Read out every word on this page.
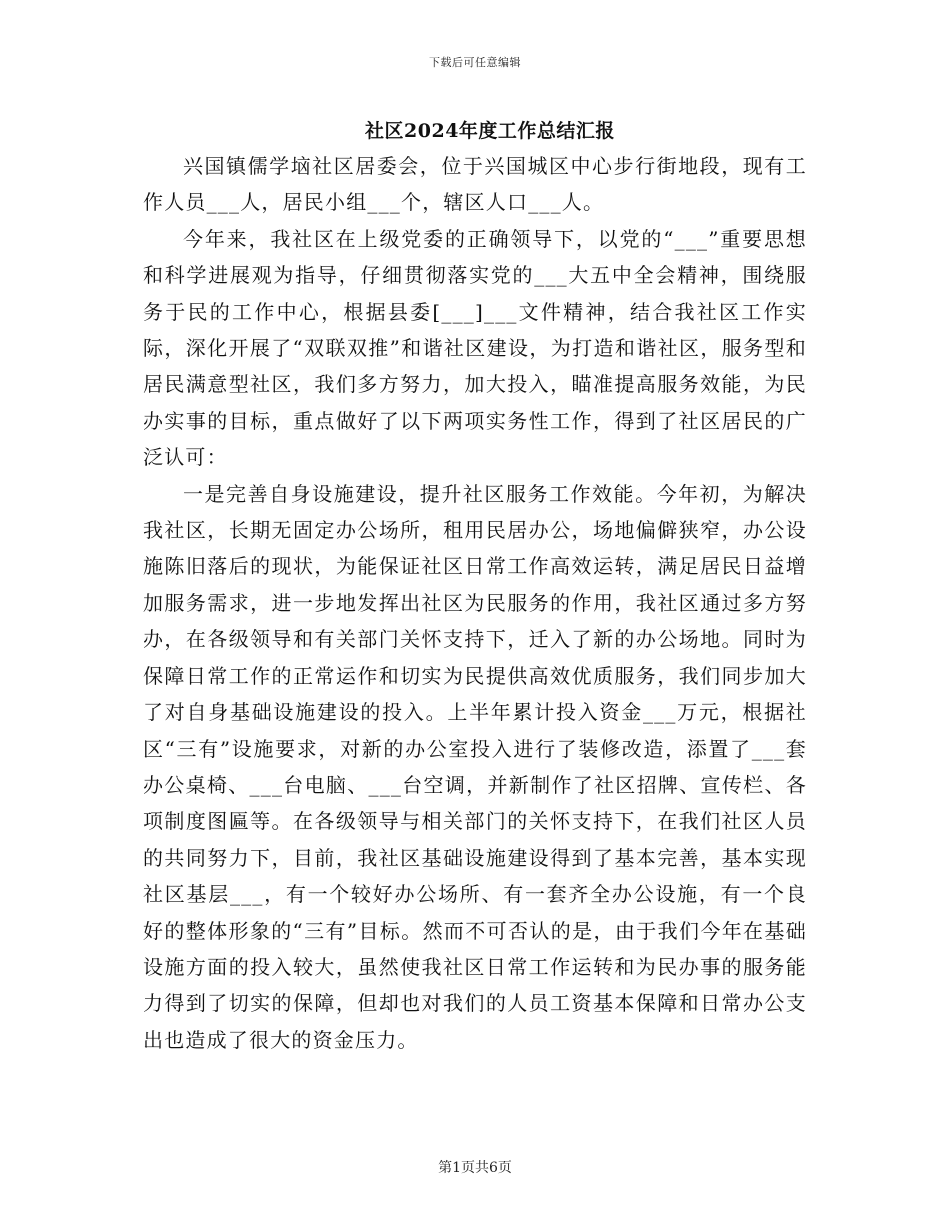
下载后可任意编辑
社区2024年度工作总结汇报

兴国镇儒学垴社区居委会，位于兴国城区中心步行街地段，现有工作人员___人，居民小组___个，辖区人口___人。

今年来，我社区在上级党委的正确领导下，以党的“___”重要思想和科学进展观为指导，仔细贯彻落实党的___大五中全会精神，围绕服务于民的工作中心，根据县委[___]___文件精神，结合我社区工作实际，深化开展了“双联双推”和谐社区建设，为打造和谐社区，服务型和居民满意型社区，我们多方努力，加大投入，瞄准提高服务效能，为民办实事的目标，重点做好了以下两项实务性工作，得到了社区居民的广泛认可：

一是完善自身设施建设，提升社区服务工作效能。今年初，为解决我社区，长期无固定办公场所，租用民居办公，场地偏僻狭窄，办公设施陈旧落后的现状，为能保证社区日常工作高效运转，满足居民日益增加服务需求，进一步地发挥出社区为民服务的作用，我社区通过多方努办，在各级领导和有关部门关怀支持下，迁入了新的办公场地。同时为保障日常工作的正常运作和切实为民提供高效优质服务，我们同步加大了对自身基础设施建设的投入。上半年累计投入资金___万元，根据社区“三有”设施要求，对新的办公室投入进行了装修改造，添置了___套办公桌椅、___台电脑、___台空调，并新制作了社区招牌、宣传栏、各项制度图匾等。在各级领导与相关部门的关怀支持下，在我们社区人员的共同努力下，目前，我社区基础设施建设得到了基本完善，基本实现社区基层___，有一个较好办公场所、有一套齐全办公设施，有一个良好的整体形象的“三有”目标。然而不可否认的是，由于我们今年在基础设施方面的投入较大，虽然使我社区日常工作运转和为民办事的服务能力得到了切实的保障，但却也对我们的人员工资基本保障和日常办公支出也造成了很大的资金压力。

第1页共6页
